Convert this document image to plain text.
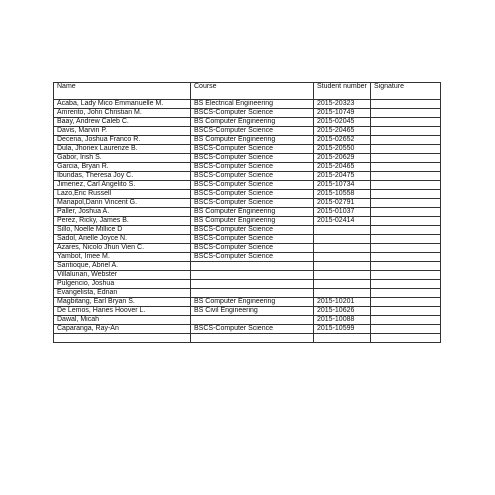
Name	Course	Student number	Signature
Acaba, Lady Mico Emmanuelle M.	BS Electrical Engineering	2015-20323	
Amrento, John Christian M.	BSCS-Computer Science	2015-10749	
Baay, Andrew Caleb C.	BS Computer Engineering	2015-02045	
Davis, Marvin P.	BSCS-Computer Science	2015-20465	
Decena, Joshua Franco R.	BS Computer Engineering	2015-02652	
Dula, Jhonex Laurenze B.	BSCS-Computer Science	2015-20550	
Gabor, Irish S.	BSCS-Computer Science	2015-20629	
Garcia, Bryan R.	BSCS-Computer Science	2015-20465	
Ibundas, Theresa Joy C.	BSCS-Computer Science	2015-20475	
Jimenez, Carl Angelito S.	BSCS-Computer Science	2015-10734	
Lazo,Eric Russell	BSCS-Computer Science	2015-10558	
Manapol,Dann Vincent G.	BSCS-Computer Science	2015-02791	
Paller, Joshua A.	BS Computer Engineering	2015-01037	
Perez, Ricky, James B.	BS Computer Engineering	2015-02414	
Sillo, Noelle Millice D	BSCS-Computer Science		
Sadol, Arielle Joyce N.	BSCS-Computer Science		
Azares, Nicolo Jhun Vien C.	BSCS-Computer Science		
Yambot, Imee M.	BSCS-Computer Science		
Santioque, Abriel A.			
Villalunan, Webster			
Pulgencio, Joshua			
Evangelista, Edrian			
Magbitang, Earl Bryan S.	BS Computer Engineering	2015-10201	
De Lemos, Hanes Hoover L.	BS Civil Engineering	2015-10626	
Dawal, Micah		2015-10088	
Caparanga, Ray-An	BSCS-Computer Science	2015-10599	
